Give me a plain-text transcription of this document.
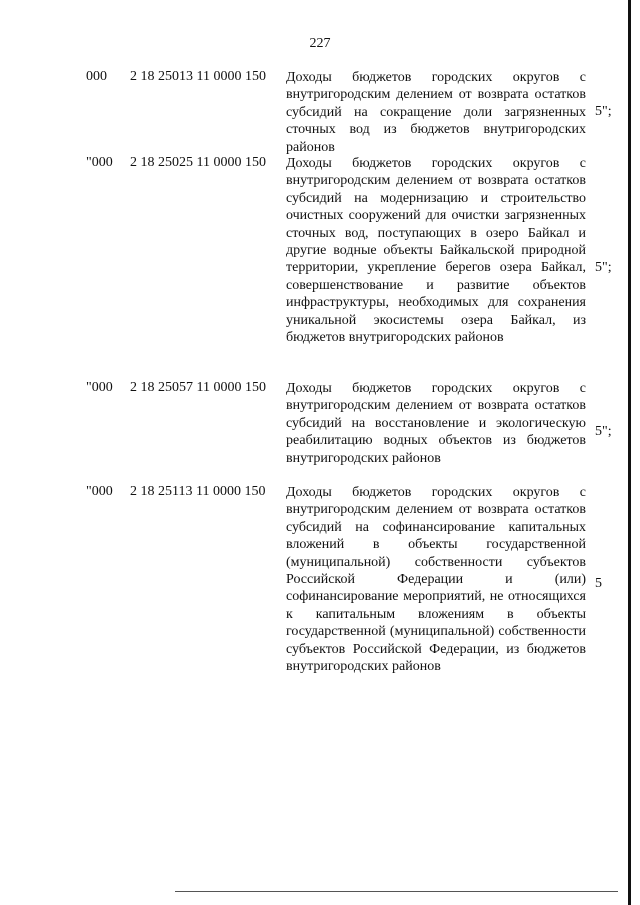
227
000 2 18 25013 11 0000 150 Доходы бюджетов городских округов с внутригородским делением от возврата остатков субсидий на сокращение доли загрязненных сточных вод из бюджетов внутригородских районов
5";
"000 2 18 25025 11 0000 150 Доходы бюджетов городских округов с внутригородским делением от возврата остатков субсидий на модернизацию и строительство очистных сооружений для очистки загрязненных сточных вод, поступающих в озеро Байкал и другие водные объекты Байкальской природной территории, укрепление берегов озера Байкал, совершенствование и развитие объектов инфраструктуры, необходимых для сохранения уникальной экосистемы озера Байкал, из бюджетов внутригородских районов
5";
"000 2 18 25057 11 0000 150 Доходы бюджетов городских округов с внутригородским делением от возврата остатков субсидий на восстановление и экологическую реабилитацию водных объектов из бюджетов внутригородских районов
5";
"000 2 18 25113 11 0000 150 Доходы бюджетов городских округов с внутригородским делением от возврата остатков субсидий на софинансирование капитальных вложений в объекты государственной (муниципальной) собственности субъектов Российской Федерации и (или) софинансирование мероприятий, не относящихся к капитальным вложениям в объекты государственной (муниципальной) собственности субъектов Российской Федерации, из бюджетов внутригородских районов
5
